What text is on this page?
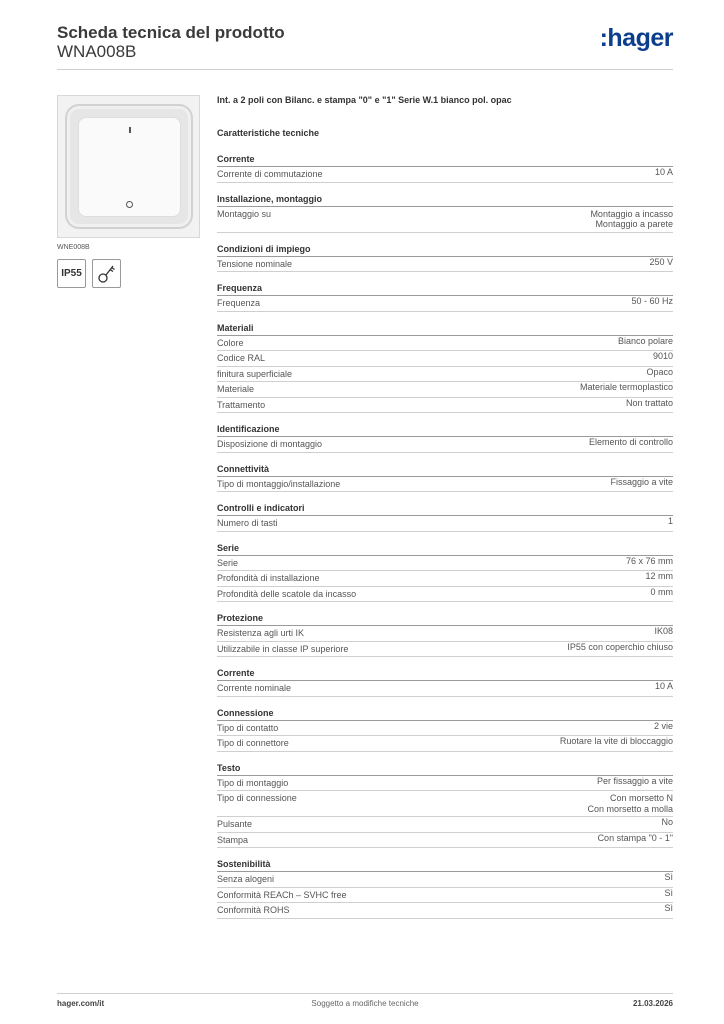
Scheda tecnica del prodotto
WNA008B	:hager
WNE008B
IP55
Int. a 2 poli con Bilanc. e stampa "0" e "1" Serie W.1 bianco pol. opac
Caratteristiche tecniche
Corrente
Corrente di commutazione	10 A
Installazione, montaggio
Montaggio su	Montaggio a incasso
Montaggio a parete
Condizioni di impiego
Tensione nominale	250 V
Frequenza
Frequenza	50 - 60 Hz
Materiali
Colore	Bianco polare
Codice RAL	9010
finitura superficiale	Opaco
Materiale	Materiale termoplastico
Trattamento	Non trattato
Identificazione
Disposizione di montaggio	Elemento di controllo
Connettività
Tipo di montaggio/installazione	Fissaggio a vite
Controlli e indicatori
Numero di tasti	1
Serie
Serie	76 x 76 mm
Profondità di installazione	12 mm
Profondità delle scatole da incasso	0 mm
Protezione
Resistenza agli urti IK	IK08
Utilizzabile in classe IP superiore	IP55 con coperchio chiuso
Corrente
Corrente nominale	10 A
Connessione
Tipo di contatto	2 vie
Tipo di connettore	Ruotare la vite di bloccaggio
Testo
Tipo di montaggio	Per fissaggio a vite
Tipo di connessione	Con morsetto N
Con morsetto a molla
Pulsante	No
Stampa	Con stampa "0 - 1"
Sostenibilità
Senza alogeni	Sì
Conformità REACh – SVHC free	Sì
Conformità ROHS	Sì
hager.com/it	Soggetto a modifiche tecniche	21.03.2026
